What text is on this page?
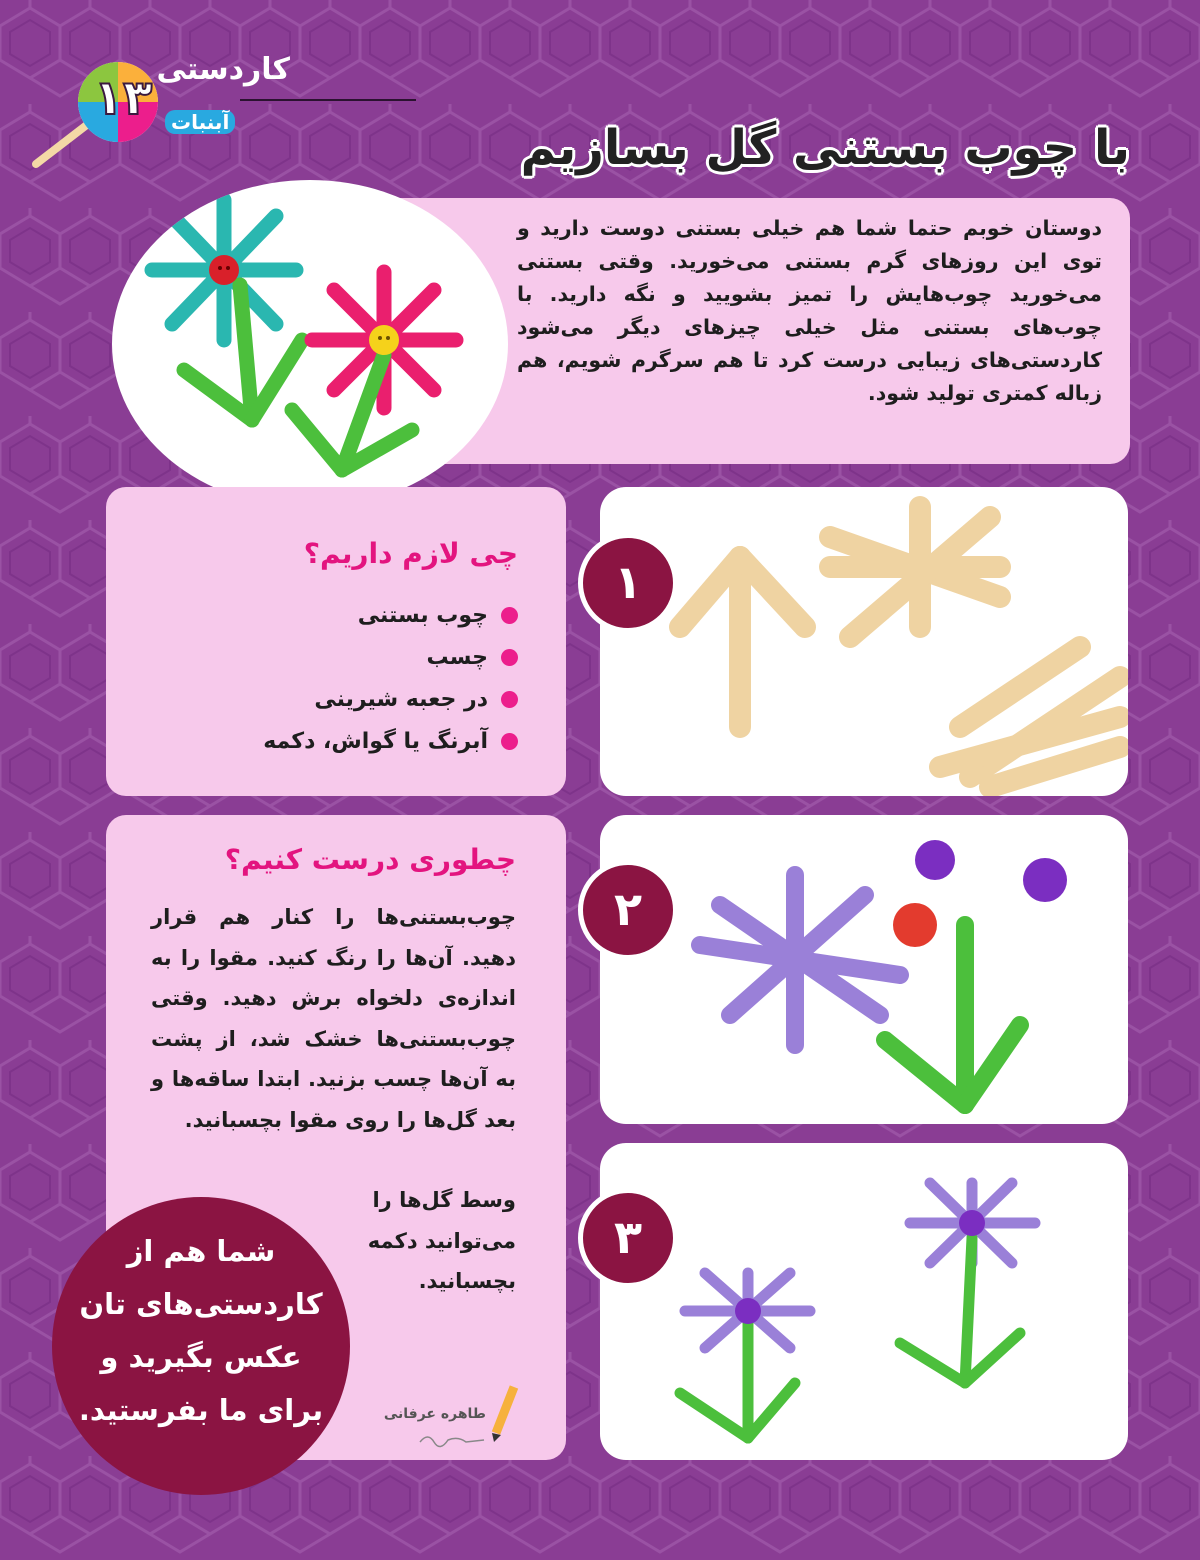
کاردستی
۱۳ آبنبات	با چوب بستنی گل بسازیم
دوستان خوبم حتما شما هم خیلی بستنی دوست دارید و توی این روزهای گرم بستنی می‌خورید. وقتی بستنی می‌خورید چوب‌هایش را تمیز بشویید و نگه دارید. با چوب‌های بستنی مثل خیلی چیزهای دیگر می‌شود کاردستی‌های زیبایی درست کرد تا هم سرگرم شویم، هم زباله کمتری تولید شود.
چی لازم داریم؟
چوب بستنی
چسب
در جعبه شیرینی
آبرنگ یا گواش، دکمه
چطوری درست کنیم؟
چوب‌بستنی‌ها را کنار هم قرار دهید. آن‌ها را رنگ کنید. مقوا را به اندازه‌ی دلخواه برش دهید. وقتی چوب‌بستنی‌ها خشک شد، از پشت به آن‌ها چسب بزنید. ابتدا ساقه‌ها و بعد گل‌ها را روی مقوا بچسبانید.
وسط گل‌ها را می‌توانید دکمه بچسبانید.
طاهره عرفانی
شما هم از کاردستی‌های تان عکس بگیرید و برای ما بفرستید.
۱
۲
۳
